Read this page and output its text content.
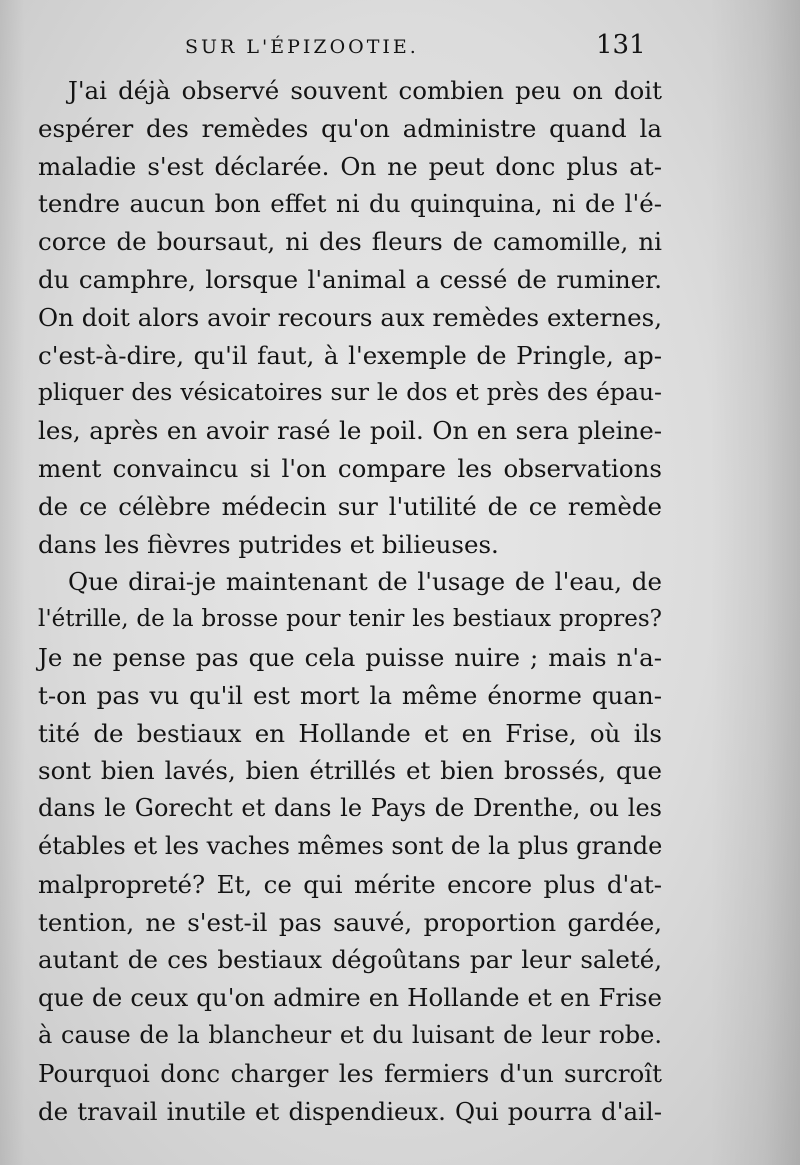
SUR L'ÉPIZOOTIE.	131
J'ai déjà observé souvent combien peu on doit
espérer des remèdes qu'on administre quand la
maladie s'est déclarée. On ne peut donc plus at-
tendre aucun bon effet ni du quinquina, ni de l'é-
corce de boursaut, ni des fleurs de camomille, ni
du camphre, lorsque l'animal a cessé de ruminer.
On doit alors avoir recours aux remèdes externes,
c'est-à-dire, qu'il faut, à l'exemple de Pringle, ap-
pliquer des vésicatoires sur le dos et près des épau-
les, après en avoir rasé le poil. On en sera pleine-
ment convaincu si l'on compare les observations
de ce célèbre médecin sur l'utilité de ce remède
dans les fièvres putrides et bilieuses.
Que dirai-je maintenant de l'usage de l'eau, de
l'étrille, de la brosse pour tenir les bestiaux propres?
Je ne pense pas que cela puisse nuire ; mais n'a-
t-on pas vu qu'il est mort la même énorme quan-
tité de bestiaux en Hollande et en Frise, où ils
sont bien lavés, bien étrillés et bien brossés, que
dans le Gorecht et dans le Pays de Drenthe, ou les
étables et les vaches mêmes sont de la plus grande
malpropreté? Et, ce qui mérite encore plus d'at-
tention, ne s'est-il pas sauvé, proportion gardée,
autant de ces bestiaux dégoûtans par leur saleté,
que de ceux qu'on admire en Hollande et en Frise
à cause de la blancheur et du luisant de leur robe.
Pourquoi donc charger les fermiers d'un surcroît
de travail inutile et dispendieux. Qui pourra d'ail-
